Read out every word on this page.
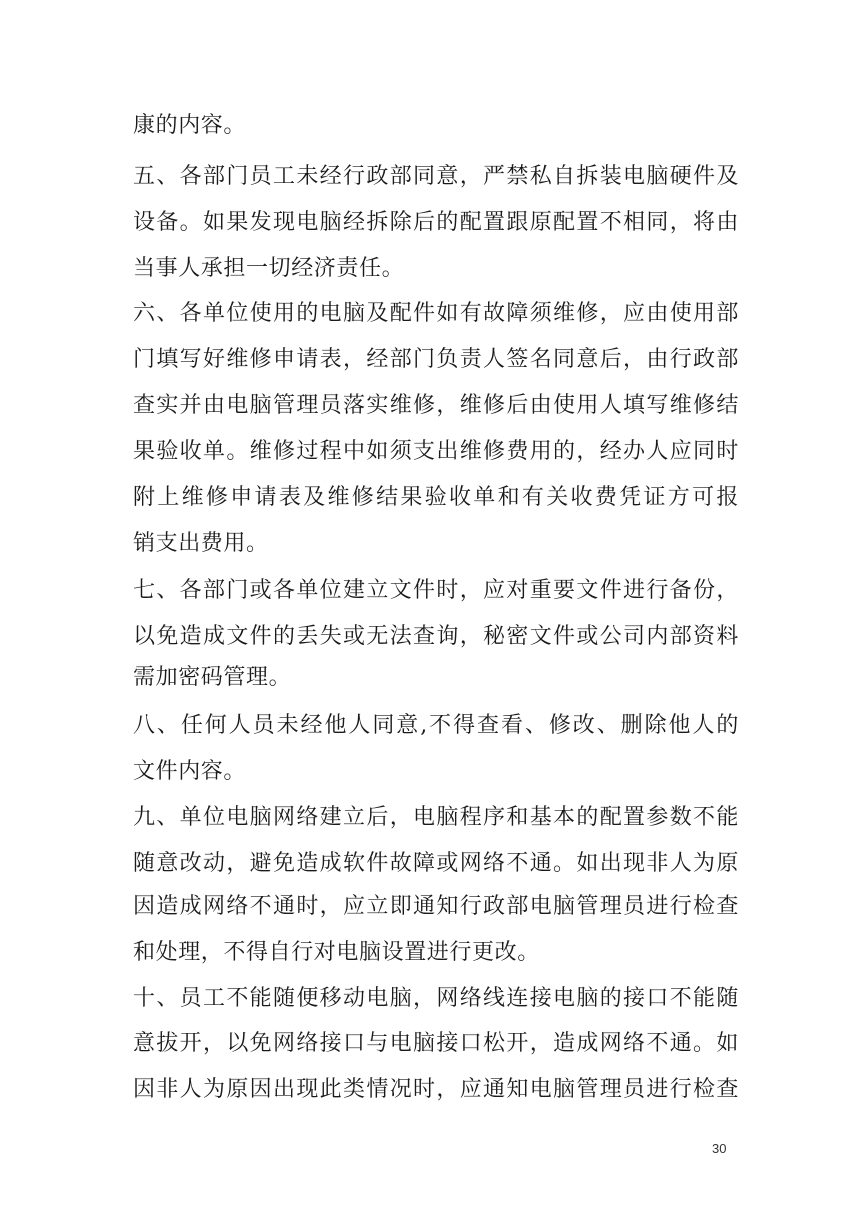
康的内容。
五、各部门员工未经行政部同意，严禁私自拆装电脑硬件及
设备。如果发现电脑经拆除后的配置跟原配置不相同，将由
当事人承担一切经济责任。
六、各单位使用的电脑及配件如有故障须维修，应由使用部
门填写好维修申请表，经部门负责人签名同意后，由行政部
查实并由电脑管理员落实维修，维修后由使用人填写维修结
果验收单。维修过程中如须支出维修费用的，经办人应同时
附上维修申请表及维修结果验收单和有关收费凭证方可报
销支出费用。
七、各部门或各单位建立文件时，应对重要文件进行备份，
以免造成文件的丢失或无法查询，秘密文件或公司内部资料
需加密码管理。
八、任何人员未经他人同意,不得查看、修改、删除他人的
文件内容。
九、单位电脑网络建立后，电脑程序和基本的配置参数不能
随意改动，避免造成软件故障或网络不通。如出现非人为原
因造成网络不通时，应立即通知行政部电脑管理员进行检查
和处理，不得自行对电脑设置进行更改。
十、员工不能随便移动电脑，网络线连接电脑的接口不能随
意拔开，以免网络接口与电脑接口松开，造成网络不通。如
因非人为原因出现此类情况时，应通知电脑管理员进行检查
30
